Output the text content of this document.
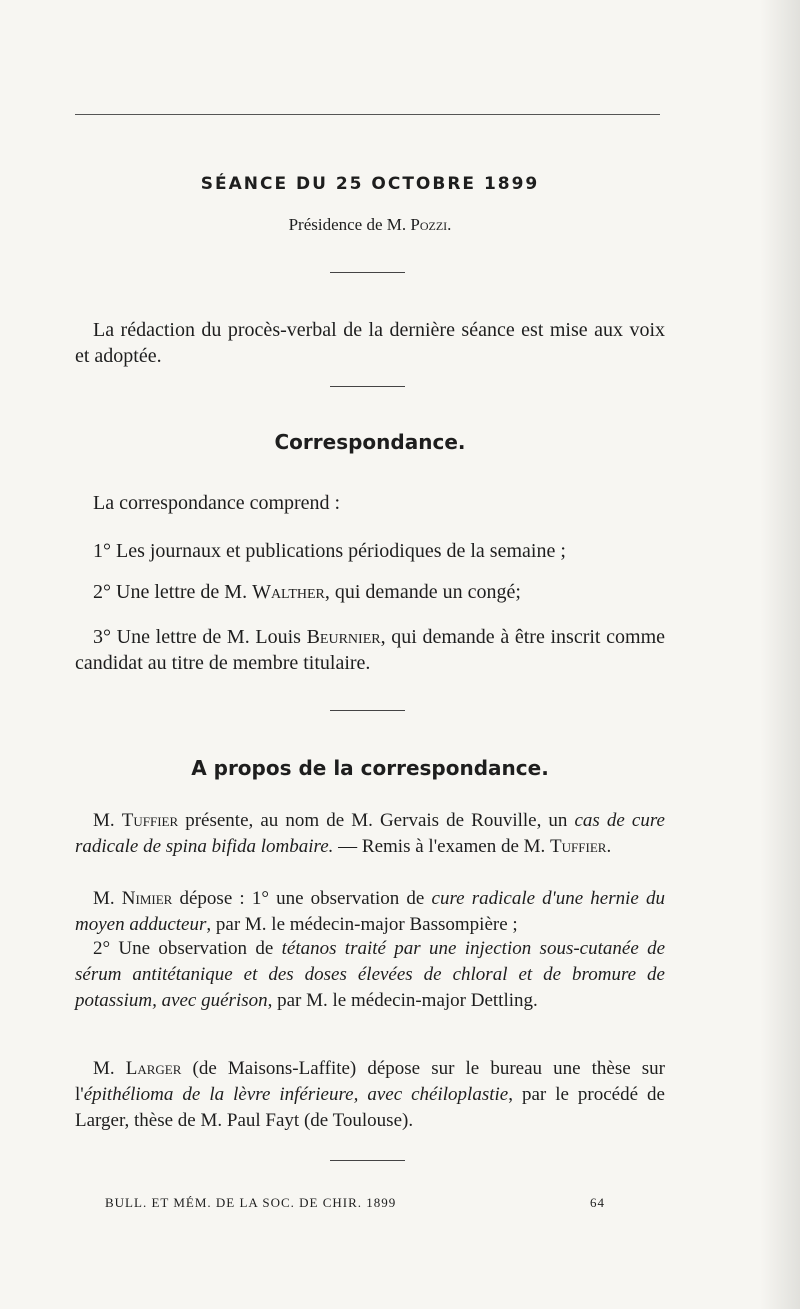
SÉANCE DU 25 OCTOBRE 1899
Présidence de M. Pozzi.
La rédaction du procès-verbal de la dernière séance est mise aux voix et adoptée.
Correspondance.
La correspondance comprend :
1° Les journaux et publications périodiques de la semaine ;
2° Une lettre de M. Walther, qui demande un congé;
3° Une lettre de M. Louis Beurnier, qui demande à être inscrit comme candidat au titre de membre titulaire.
A propos de la correspondance.
M. Tuffier présente, au nom de M. Gervais de Rouville, un cas de cure radicale de spina bifida lombaire. — Remis à l'examen de M. Tuffier.
M. Nimier dépose : 1° une observation de cure radicale d'une hernie du moyen adducteur, par M. le médecin-major Bassompière ;
2° Une observation de tétanos traité par une injection sous-cutanée de sérum antitétanique et des doses élevées de chloral et de bromure de potassium, avec guérison, par M. le médecin-major Dettling.
M. Larger (de Maisons-Laffite) dépose sur le bureau une thèse sur l'épithélioma de la lèvre inférieure, avec chéiloplastie, par le procédé de Larger, thèse de M. Paul Fayt (de Toulouse).
BULL. ET MÉM. DE LA SOC. DE CHIR. 1899	64
